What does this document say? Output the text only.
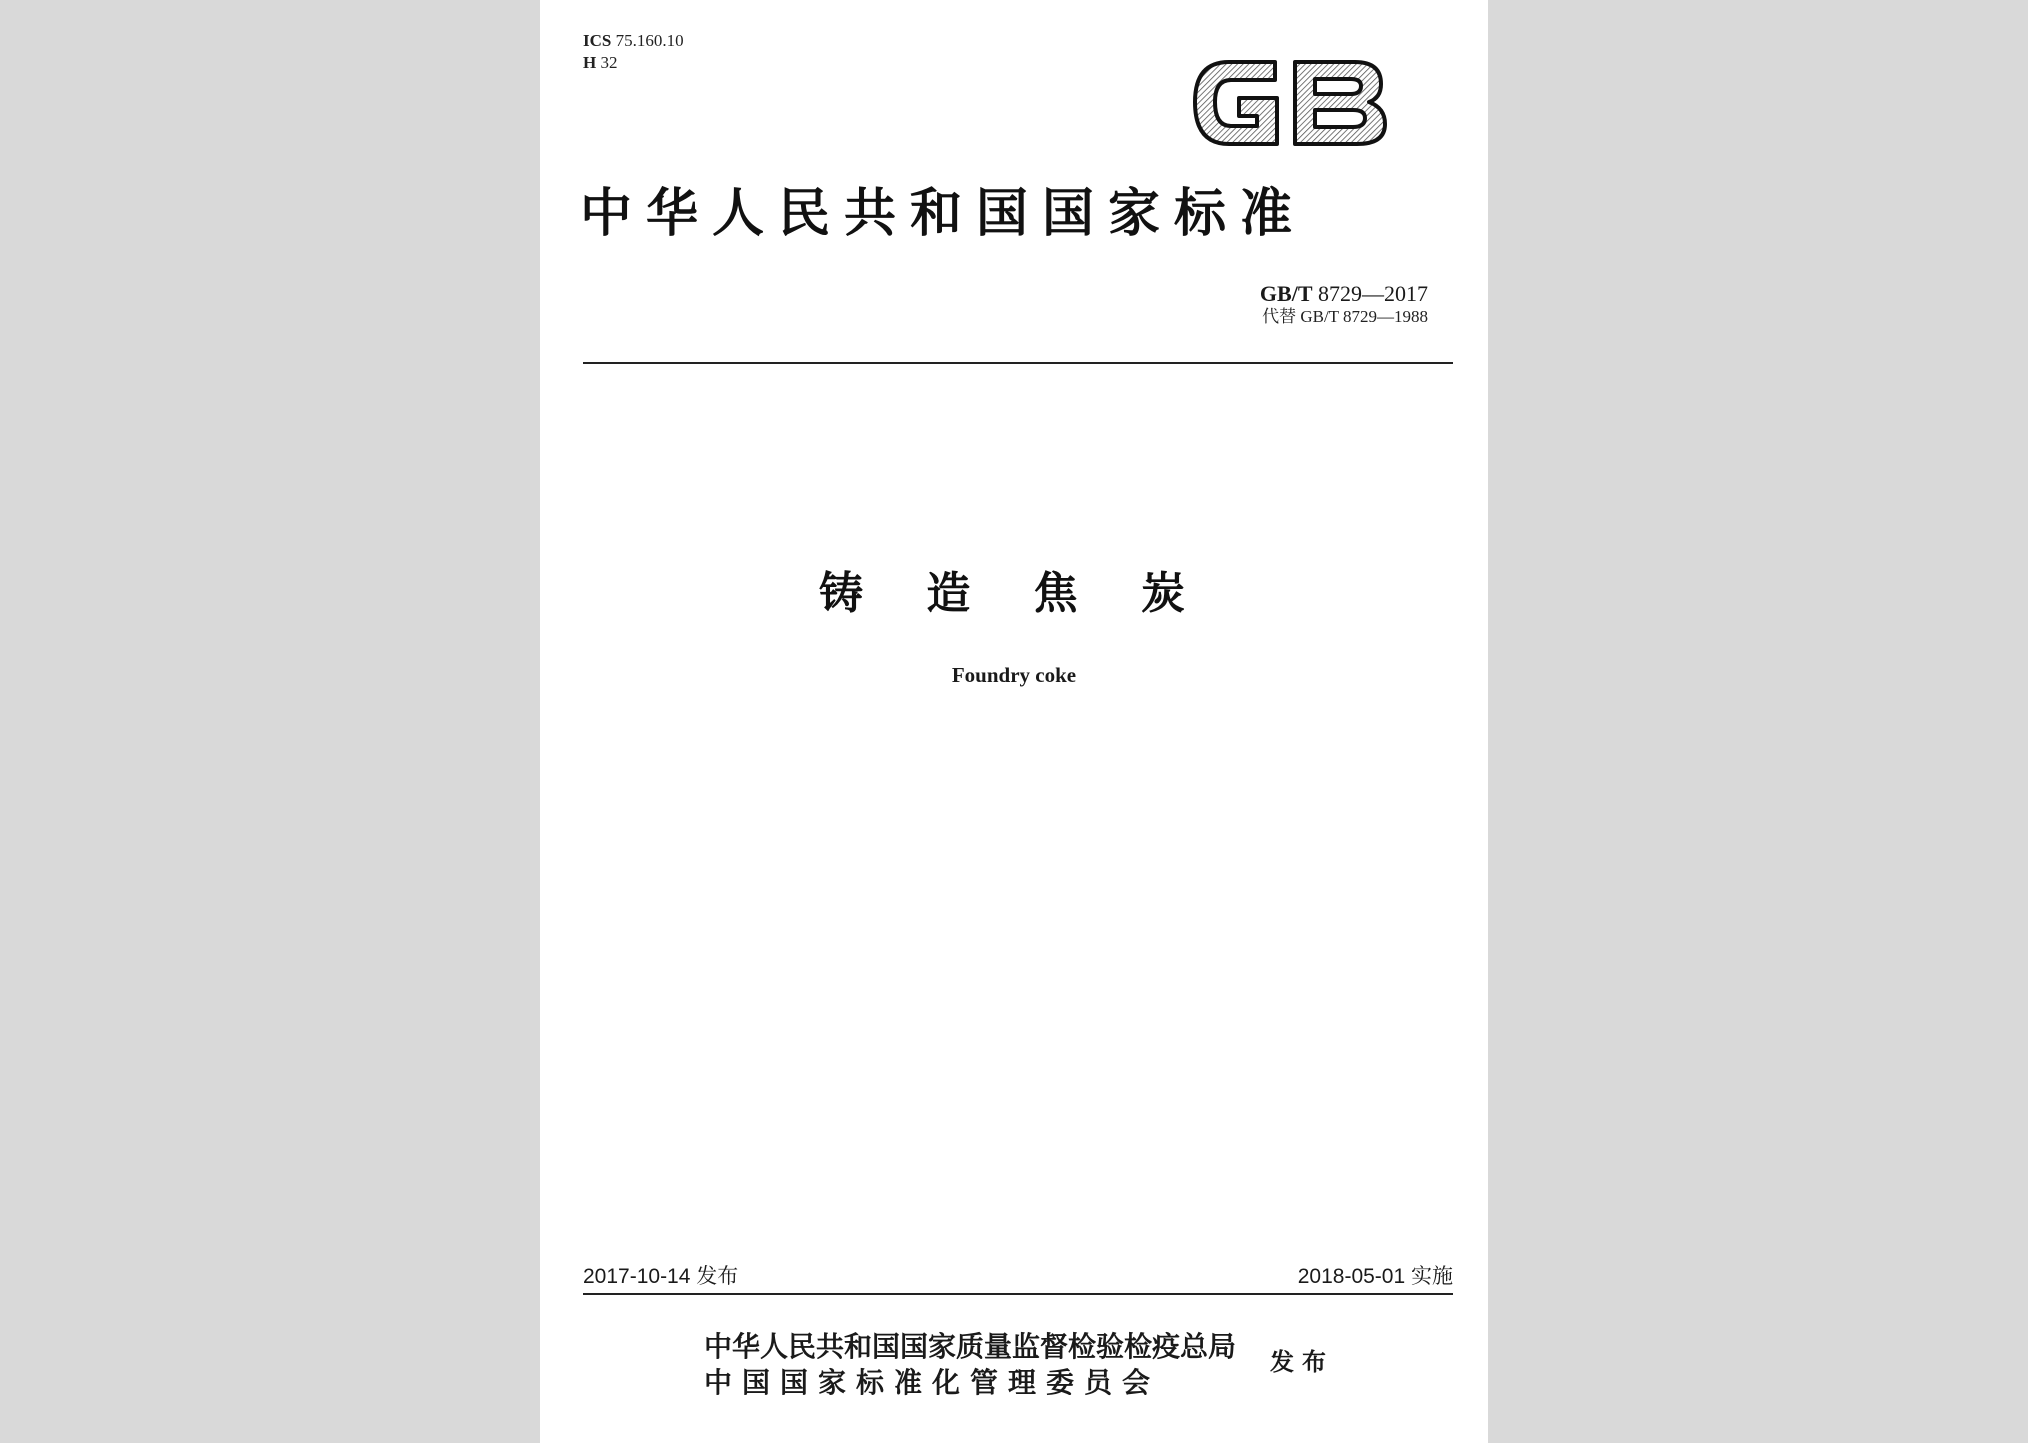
ICS 75.160.10
H 32
中华人民共和国国家标准
GB/T 8729—2017
代替 GB/T 8729—1988
铸 造 焦 炭
Foundry coke
2017-10-14 发布	2018-05-01 实施
中华人民共和国国家质量监督检验检疫总局
中国国家标准化管理委员会
发布
